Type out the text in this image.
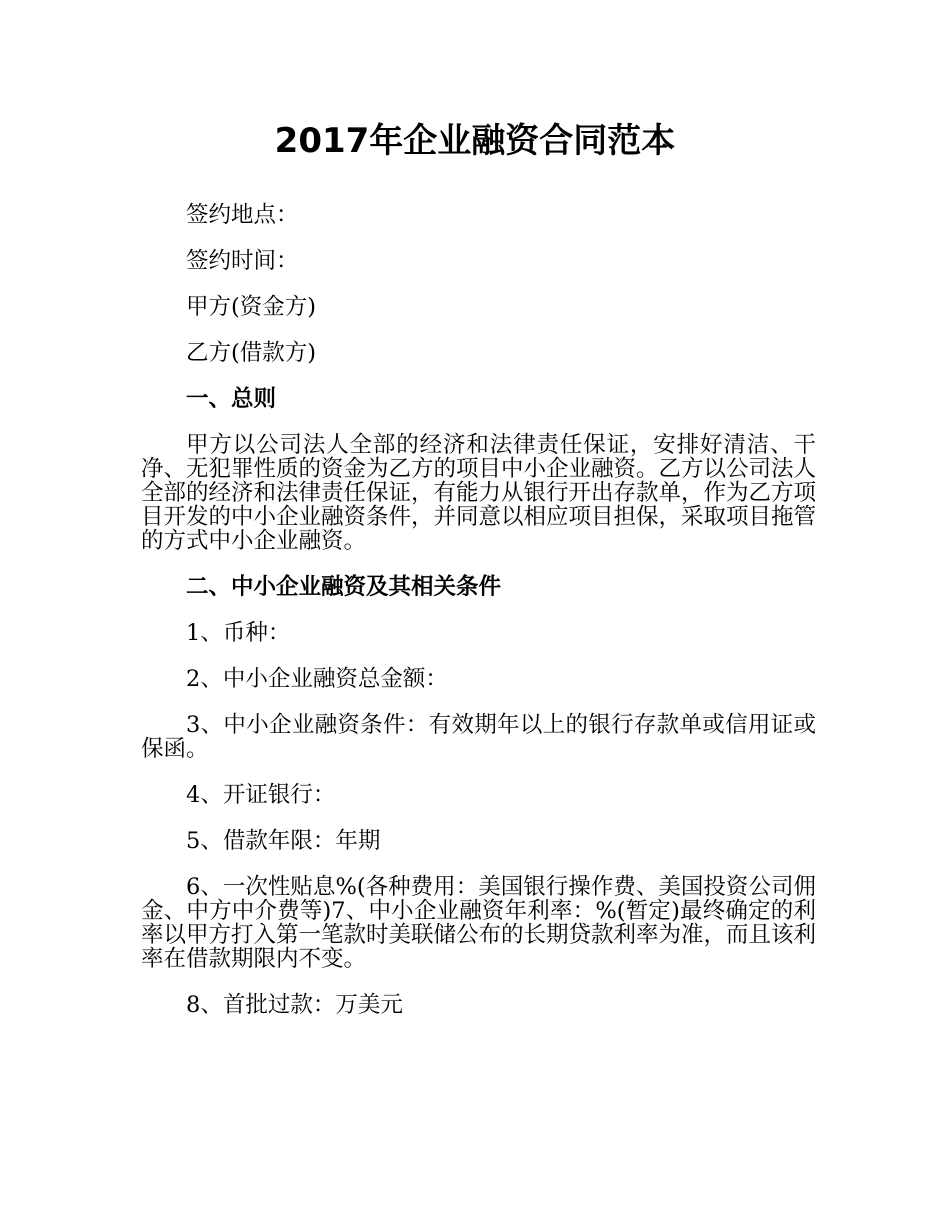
2017年企业融资合同范本

签约地点：

签约时间：

甲方(资金方)

乙方(借款方)

一、总则

甲方以公司法人全部的经济和法律责任保证，安排好清洁、干净、无犯罪性质的资金为乙方的项目中小企业融资。乙方以公司法人全部的经济和法律责任保证，有能力从银行开出存款单，作为乙方项目开发的中小企业融资条件，并同意以相应项目担保，采取项目拖管的方式中小企业融资。

二、中小企业融资及其相关条件

1、币种：

2、中小企业融资总金额：

3、中小企业融资条件：有效期年以上的银行存款单或信用证或保函。

4、开证银行：

5、借款年限：年期

6、一次性贴息%(各种费用：美国银行操作费、美国投资公司佣金、中方中介费等)7、中小企业融资年利率：%(暂定)最终确定的利率以甲方打入第一笔款时美联储公布的长期贷款利率为准，而且该利率在借款期限内不变。

8、首批过款：万美元
